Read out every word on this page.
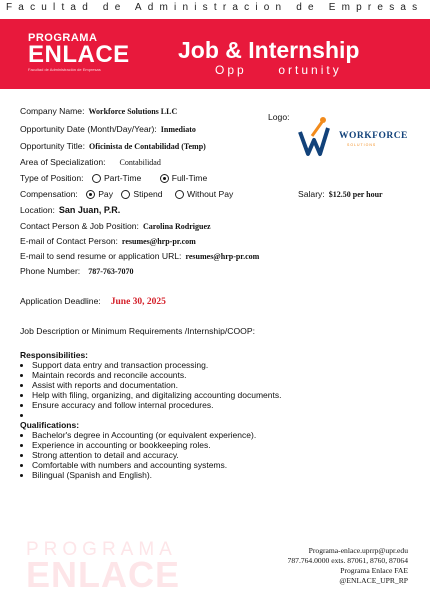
Facultad de Administracion de Empresas
PROGRAMA
ENLACE
Facultad de Administración de Empresas
Job & Internship
Opp     ortunity
Company Name: Workforce Solutions LLC
Logo:
WORKFORCE
SOLUTIONS
Opportunity Date (Month/Day/Year): Inmediato
Opportunity Title: Oficinista de Contabilidad (Temp)
Area of Specialization: Contabilidad
Type of Position: Part-Time	Full-Time
Compensation: Pay Stipend	Without Pay	Salary: $12.50 per hour
Location: San Juan, P.R.
Contact Person & Job Position: Carolina Rodriguez
E-mail of Contact Person: resumes@hrp-pr.com
E-mail to send resume or application URL: resumes@hrp-pr.com
Phone Number: 787-763-7070
Application Deadline: June 30, 2025
Job Description or Minimum Requirements /Internship/COOP:
Responsibilities:
• Support data entry and transaction processing.
• Maintain records and reconcile accounts.
• Assist with reports and documentation.
• Help with filing, organizing, and digitalizing accounting documents.
• Ensure accuracy and follow internal procedures.
•
Qualifications:
• Bachelor's degree in Accounting (or equivalent experience).
• Experience in accounting or bookkeeping roles.
• Strong attention to detail and accuracy.
• Comfortable with numbers and accounting systems.
• Bilingual (Spanish and English).
PROGRAMA
ENLACE
Programa-enlace.uprrp@upr.edu
787.764.0000 exts. 87061, 8760, 87064
Programa Enlace FAE
@ENLACE_UPR_RP
